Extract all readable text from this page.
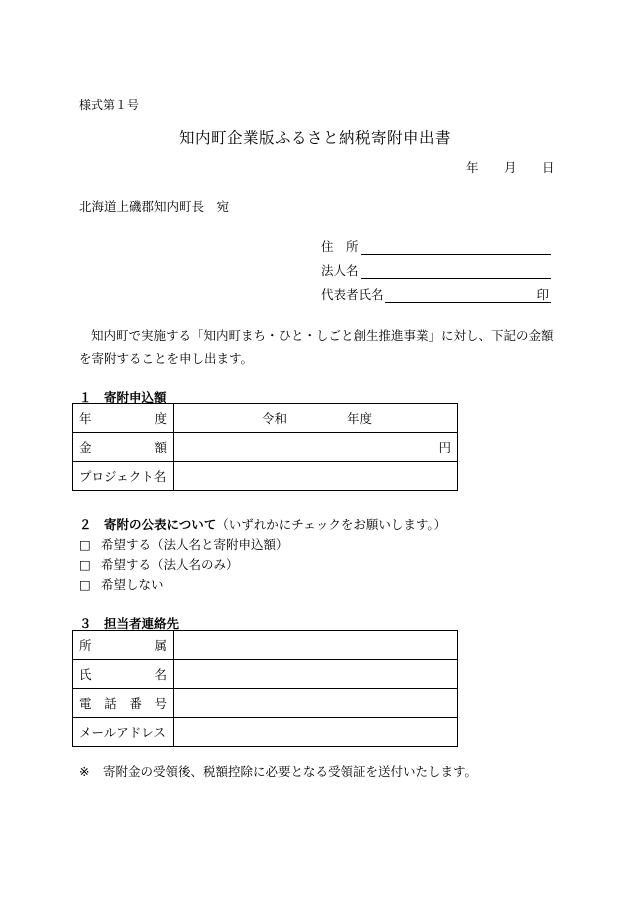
様式第１号
知内町企業版ふるさと納税寄附申出書
年 月 日
北海道上磯郡知内町長　宛
住　所
法人名
代表者氏名	印
知内町で実施する「知内町まち・ひと・しごと創生推進事業」に対し、下記の金額を寄附することを申し出ます。
１　寄附申込額
年 度	令和 年度

金 額	円

プロジェクト名	
２　寄附の公表について（いずれかにチェックをお願いします。）
□ 希望する（法人名と寄附申込額）
□ 希望する（法人名のみ）
□ 希望しない
３　担当者連絡先
所 属	

氏 名	

電 話 番 号	

メールアドレス	
※ 寄附金の受領後、税額控除に必要となる受領証を送付いたします。
